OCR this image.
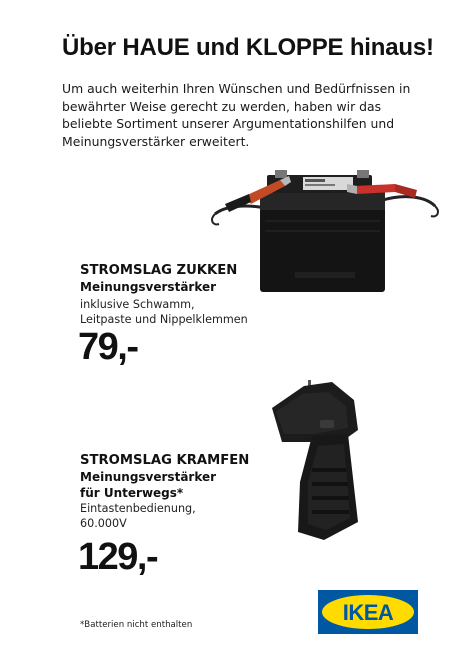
Über HAUE und KLOPPE hinaus!
Um auch weiterhin Ihren Wünschen und Bedürfnissen in bewährter Weise gerecht zu werden, haben wir das beliebte Sortiment unserer Argumentationshilfen und Meinungsverstärker erweitert.
STROMSLAG ZUKKEN
Meinungsverstärker
inklusive Schwamm,
Leitpaste und Nippelklemmen
79,-
STROMSLAG KRAMFEN
Meinungsverstärker
für Unterwegs*
Eintastenbedienung,
60.000V
129,-
*Batterien nicht enthalten	IKEA
